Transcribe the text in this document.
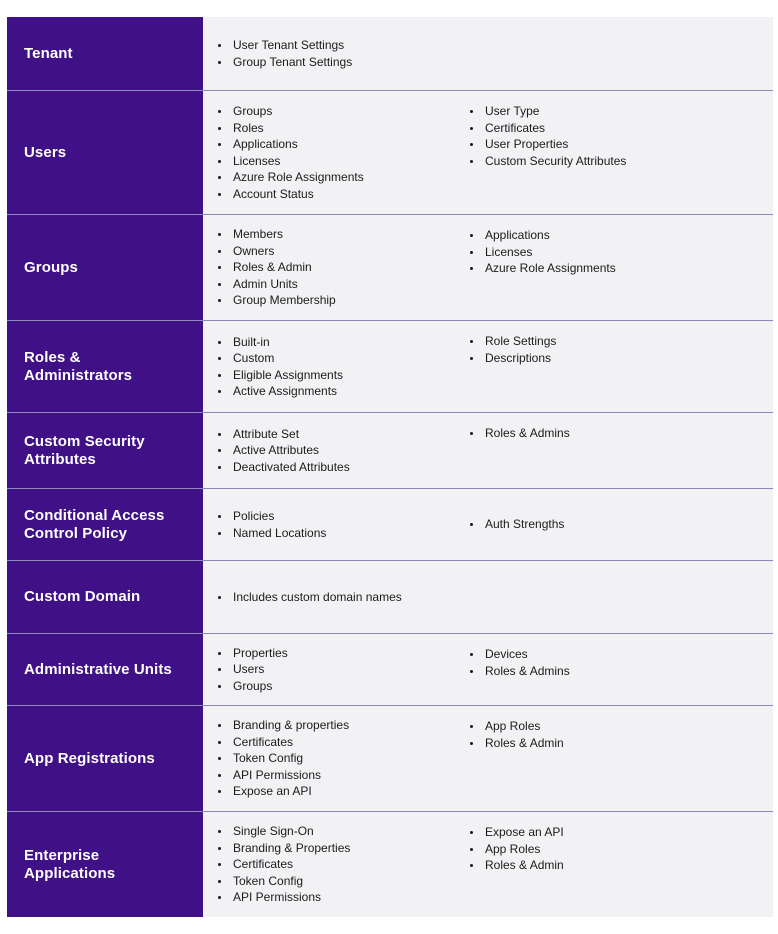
Tenant	User Tenant Settings
Group Tenant Settings
Users
Groups
Roles
Applications
Licenses
Azure Role Assignments
Account Status
User Type
Certificates
User Properties
Custom Security Attributes
Groups
Members
Owners
Roles & Admin
Admin Units
Group Membership
Applications
Licenses
Azure Role Assignments
Roles &
Administrators
Built-in
Custom
Eligible Assignments
Active Assignments
Role Settings
Descriptions
Custom Security
Attributes
Attribute Set
Active Attributes
Deactivated Attributes
Roles & Admins
Conditional Access
Control Policy
Policies
Named Locations
Auth Strengths
Custom Domain	Includes custom domain names
Administrative Units
Properties
Users
Groups
Devices
Roles & Admins
App Registrations
Branding & properties
Certificates
Token Config
API Permissions
Expose an API
App Roles
Roles & Admin
Enterprise
Applications
Single Sign-On
Branding & Properties
Certificates
Token Config
API Permissions
Expose an API
App Roles
Roles & Admin
